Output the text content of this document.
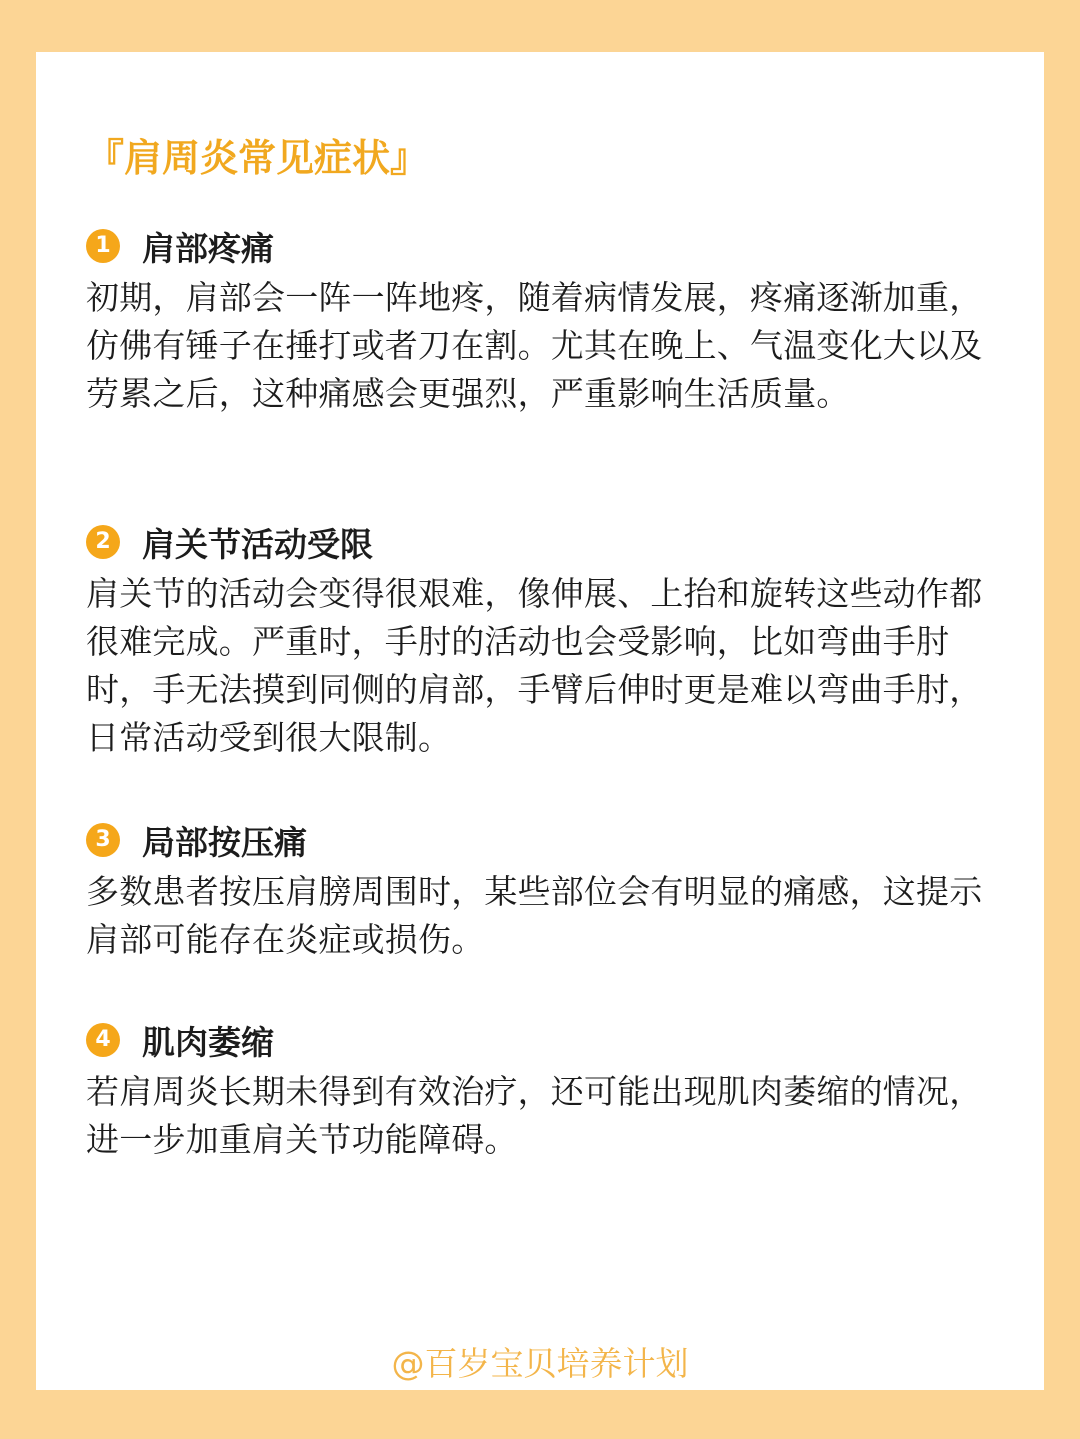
『肩周炎常见症状』
1 肩部疼痛

初期，肩部会一阵一阵地疼，随着病情发展，疼痛逐渐加重，仿佛有锤子在捶打或者刀在割。尤其在晚上、气温变化大以及劳累之后，这种痛感会更强烈，严重影响生活质量。

2 肩关节活动受限

肩关节的活动会变得很艰难，像伸展、上抬和旋转这些动作都很难完成。严重时，手肘的活动也会受影响，比如弯曲手肘时，手无法摸到同侧的肩部，手臂后伸时更是难以弯曲手肘，日常活动受到很大限制。

3 局部按压痛

多数患者按压肩膀周围时，某些部位会有明显的痛感，这提示肩部可能存在炎症或损伤。

4 肌肉萎缩

若肩周炎长期未得到有效治疗，还可能出现肌肉萎缩的情况，进一步加重肩关节功能障碍。

@百岁宝贝培养计划
